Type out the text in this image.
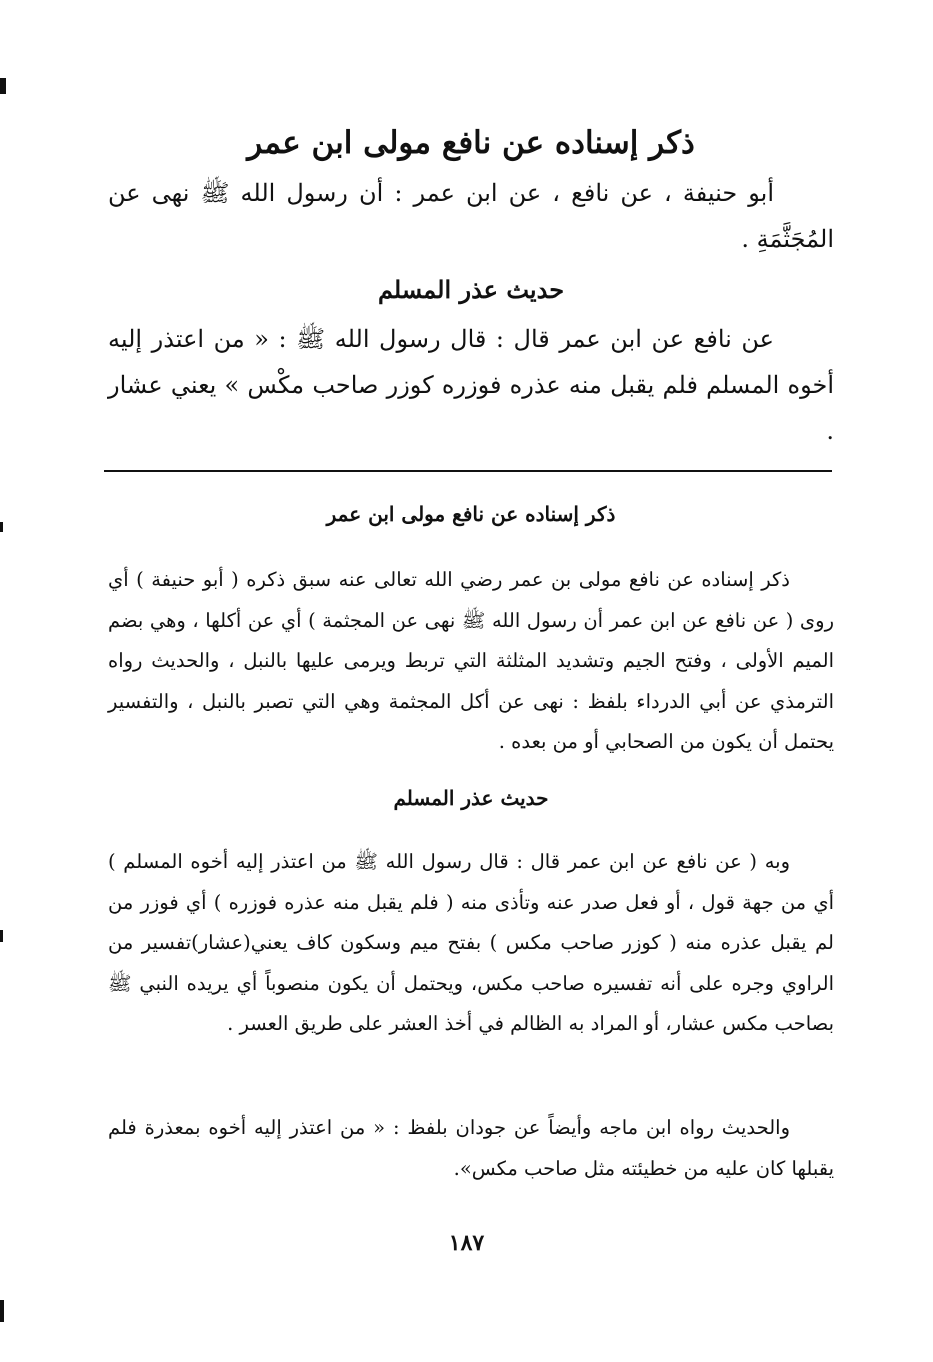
ذكر إسناده عن نافع مولى ابن عمر

أبو حنيفة ، عن نافع ، عن ابن عمر : أن رسول الله ﷺ نهى عن المُجَثَّمَةِ .

حديث عذر المسلم

عن نافع عن ابن عمر قال : قال رسول الله ﷺ : « من اعتذر إليه أخوه المسلم فلم يقبل منه عذره فوزره كوزر صاحب مكْس » يعني عشار .

ذكر إسناده عن نافع مولى ابن عمر

ذكر إسناده عن نافع مولى بن عمر رضي الله تعالى عنه سبق ذكره ( أبو حنيفة ) أي روى ( عن نافع عن ابن عمر أن رسول الله ﷺ نهى عن المجثمة ) أي عن أكلها ، وهي بضم الميم الأولى ، وفتح الجيم وتشديد المثلثة التي تربط ويرمى عليها بالنبل ، والحديث رواه الترمذي عن أبي الدرداء بلفظ : نهى عن أكل المجثمة وهي التي تصبر بالنبل ، والتفسير يحتمل أن يكون من الصحابي أو من بعده .

حديث عذر المسلم

وبه ( عن نافع عن ابن عمر قال : قال رسول الله ﷺ من اعتذر إليه أخوه المسلم ) أي من جهة قول ، أو فعل صدر عنه وتأذى منه ( فلم يقبل منه عذره فوزره ) أي فوزر من لم يقبل عذره منه ( كوزر صاحب مكس ) بفتح ميم وسكون كاف يعني(عشار)تفسير من الراوي وجره على أنه تفسيره صاحب مكس، ويحتمل أن يكون منصوباً أي يريده النبي ﷺ بصاحب مكس عشار، أو المراد به الظالم في أخذ العشر على طريق العسر .

والحديث رواه ابن ماجه وأيضاً عن جودان بلفظ : « من اعتذر إليه أخوه بمعذرة فلم يقبلها كان عليه من خطيئته مثل صاحب مكس».

١٨٧
